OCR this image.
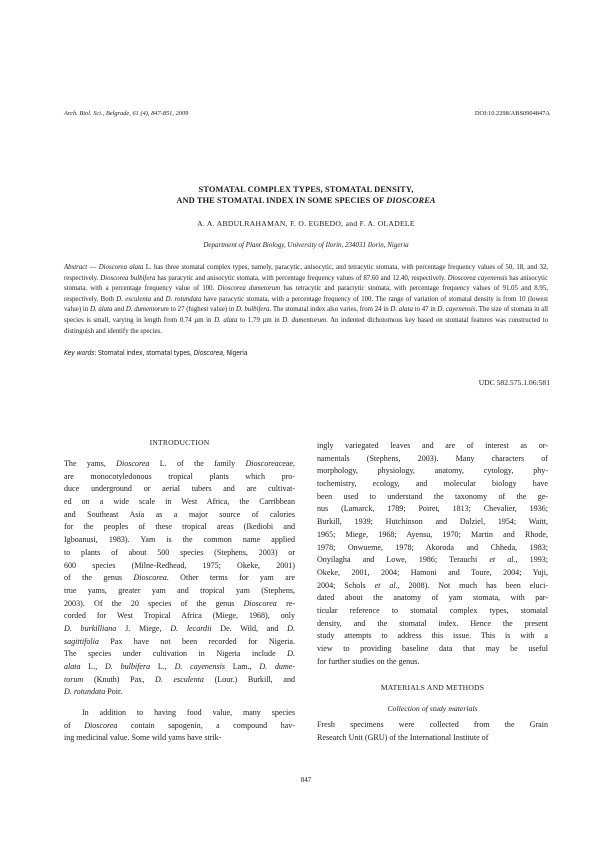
Arch. Biol. Sci., Belgrade, 61 (4), 847-851, 2009	DOI:10.2298/ABS0904847A
STOMATAL COMPLEX TYPES, STOMATAL DENSITY,
AND THE STOMATAL INDEX IN SOME SPECIES OF DIOSCOREA
A. A. ABDULRAHAMAN, F. O. EGBEDO, and F. A. OLADELE
Department of Plant Biology, University of Ilorin, 234031 Ilorin, Nigeria
Abstract — Dioscorea alata L. has three stomatal complex types, namely, paracytic, anisocytic, and tetracytic stomata, with percentage frequency values of 50, 18, and 32, respectively. Dioscorea bulbifera has paracytic and anisocytic stomata, with percentage frequency values of 87.60 and 12.40, respectively. Dioscorea cayenensis has anisocytic stomata, with a percentage frequency value of 100. Dioscorea dumetorum has tetracytic and paractytic stomata, with percentage frequency values of 91.05 and 8.95, respectively. Both D. esculenta and D. rotundata have paracytic stomata, with a percentage frequency of 100. The range of variation of stomatal density is from 10 (lowest value) in D. alata and D. dumentorum to 27 (highest value) in D. bulbifera. The stomatal index also varies, from 24 in D. alata to 47 in D. cayenensis. The size of stomata in all species is small, varying in length from 0.74 µm in D. alata to 1.79 µm in D. dumentorum. An indented dichotomous key based on stomatal features was constructed to distinguish and identify the species.
Key words: Stomatal index, stomatal types, Dioscorea, Nigeria
UDC 582.575.1.06:581
INTRODUCTION
The yams, Dioscorea L. of the family Dioscoreaceae,
are monocotyledonous tropical plants which pro-
duce underground or aerial tubers and are cultivat-
ed on a wide scale in West Africa, the Carribbean
and Southeast Asia as a major source of calories
for the peoples of these tropical areas (Ikediobi and
Igboanusi, 1983). Yam is the common name applied
to plants of about 500 species (Stephens, 2003) or
600 species (Milne-Redhead, 1975; Okeke, 2001)
of the genus Dioscorea. Other terms for yam are
true yams, greater yam and tropical yam (Stephens,
2003). Of the 20 species of the genus Dioscorea re-
corded for West Tropical Africa (Miege, 1968), only
D. burkilliana J. Miege, D. lecardii De. Wild, and D.
sagittifolia Pax have not been recorded for Nigeria.
The species under cultivation in Nigeria include D.
alata L., D. bulbifera L., D. cayenensis Lam., D. dume-
torum (Knuth) Pax, D. esculenta (Lour.) Burkill, and
D. rotundata Poir.
In addition to having food value, many species
of Dioscorea contain sapogenin, a compound hav-
ing medicinal value. Some wild yams have strik-
ingly variegated leaves and are of interest as or-
namentals (Stephens, 2003). Many characters of
morphology, physiology, anatomy, cytology, phy-
tochemistry, ecology, and molecular biology have
been used to understand the taxonomy of the ge-
nus (Lamarck, 1789; Poiret, 1813; Chevalier, 1936;
Burkill, 1939; Hutchinson and Dalziel, 1954; Waitt,
1965; Miege, 1968; Ayensu, 1970; Martin and Rhode,
1978; Onwueme, 1978; Akoroda and Chheda, 1983;
Onyilagha and Lowe, 1986; Terauchi et al., 1993;
Okeke, 2001, 2004; Hamoni and Toure, 2004; Yuji,
2004; Schols et al., 2008). Not much has been eluci-
dated about the anatomy of yam stomata, with par-
ticular reference to stomatal complex types, stomatal
density, and the stomatal index. Hence the present
study attempts to address this issue. This is with a
view to providing baseline data that may be useful
for further studies on the genus.
MATERIALS AND METHODS
Collection of study materials
Fresh specimens were collected from the Grain
Research Unit (GRU) of the International Institute of
847
